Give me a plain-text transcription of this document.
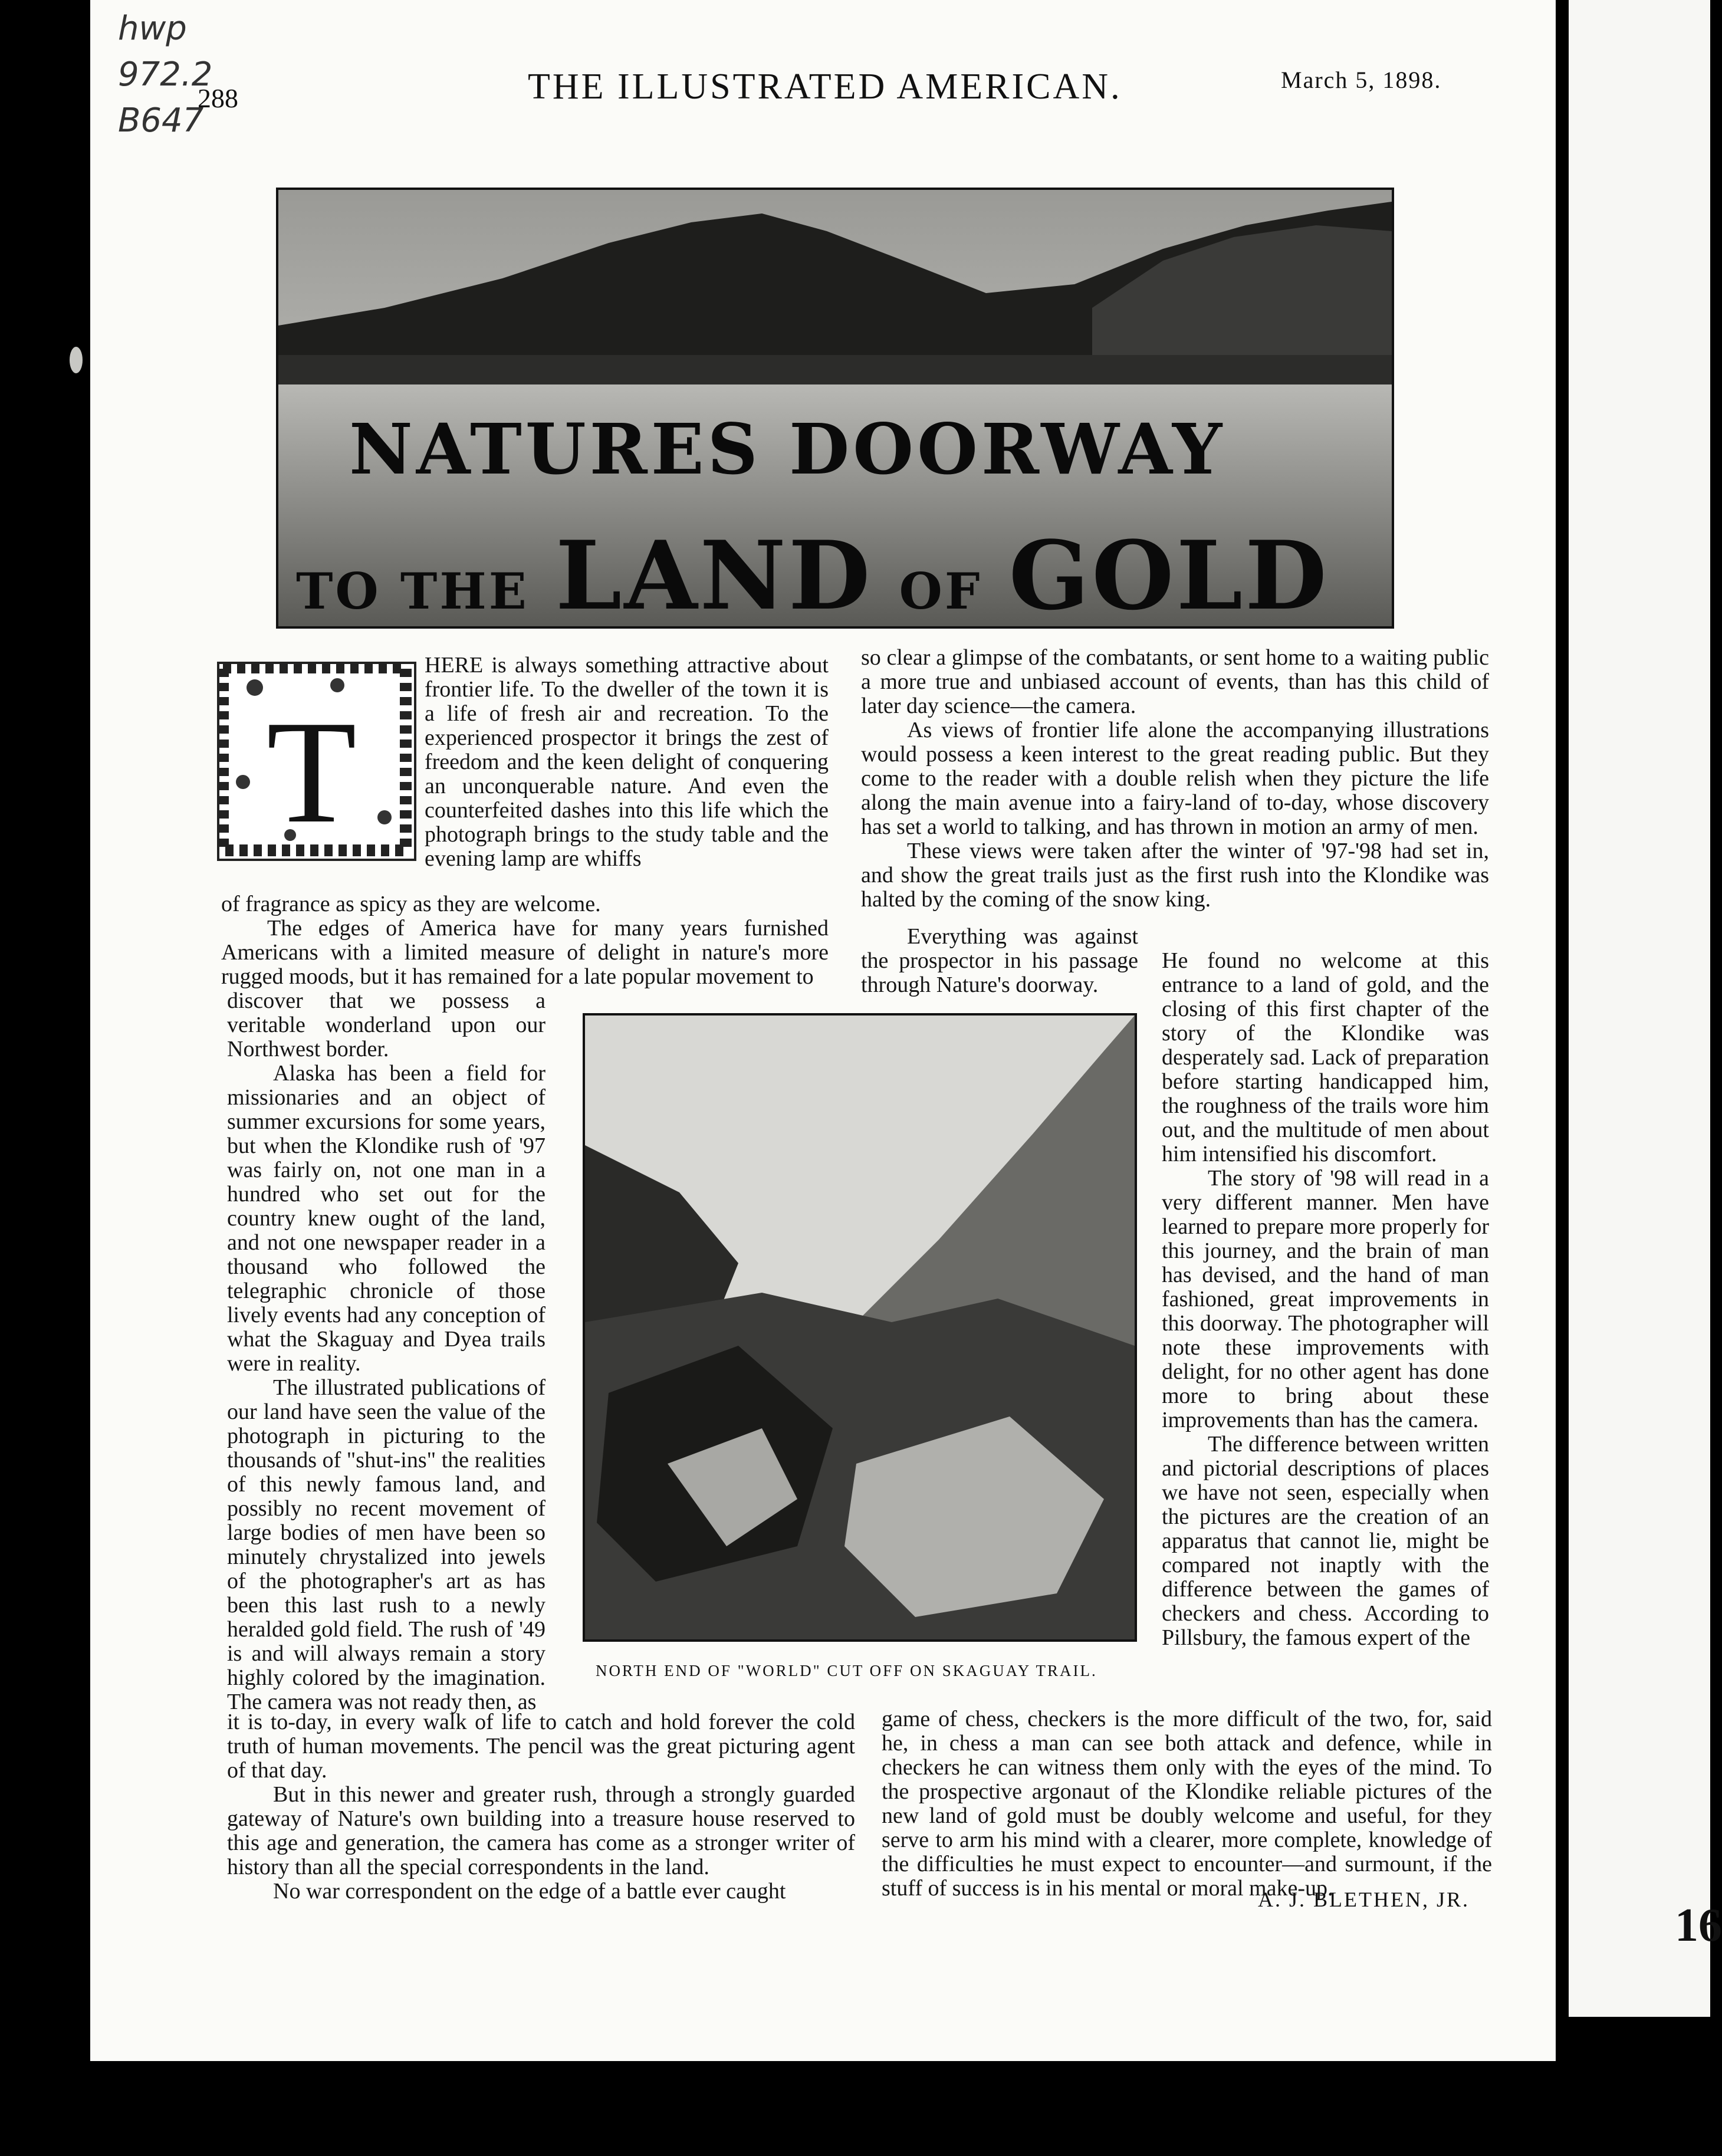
16
hwp
972.2
B647
288	THE ILLUSTRATED AMERICAN.	March 5, 1898.
NATURES DOORWAY
TO THE LAND OF GOLD
T

HERE is always something attractive about frontier life. To the dweller of the town it is a life of fresh air and recreation. To the experienced prospector it brings the zest of freedom and the keen delight of conquering an unconquerable nature. And even the counterfeited dashes into this life which the photograph brings to the study table and the evening lamp are whiffs

of fragrance as spicy as they are welcome.

The edges of America have for many years furnished Americans with a limited measure of delight in nature's more rugged moods, but it has remained for a late popular movement to

discover that we possess a veritable wonderland upon our Northwest border.

Alaska has been a field for missionaries and an object of summer excursions for some years, but when the Klondike rush of '97 was fairly on, not one man in a hundred who set out for the country knew ought of the land, and not one newspaper reader in a thousand who followed the telegraphic chronicle of those lively events had any conception of what the Skaguay and Dyea trails were in reality.

The illustrated publications of our land have seen the value of the photograph in picturing to the thousands of "shut-ins" the realities of this newly famous land, and possibly no recent movement of large bodies of men have been so minutely chrystalized into jewels of the photographer's art as has been this last rush to a newly heralded gold field. The rush of '49 is and will always remain a story highly colored by the imagination. The camera was not ready then, as

it is to-day, in every walk of life to catch and hold forever the cold truth of human movements. The pencil was the great picturing agent of that day.

But in this newer and greater rush, through a strongly guarded gateway of Nature's own building into a treasure house reserved to this age and generation, the camera has come as a stronger writer of history than all the special correspondents in the land.

No war correspondent on the edge of a battle ever caught

so clear a glimpse of the combatants, or sent home to a waiting public a more true and unbiased account of events, than has this child of later day science—the camera.

As views of frontier life alone the accompanying illustrations would possess a keen interest to the great reading public. But they come to the reader with a double relish when they picture the life along the main avenue into a fairy-land of to-day, whose discovery has set a world to talking, and has thrown in motion an army of men.

These views were taken after the winter of '97-'98 had set in, and show the great trails just as the first rush into the Klondike was halted by the coming of the snow king.

Everything was against the prospector in his passage through Nature's doorway.

He found no welcome at this entrance to a land of gold, and the closing of this first chapter of the story of the Klondike was desperately sad. Lack of preparation before starting handicapped him, the roughness of the trails wore him out, and the multitude of men about him intensified his discomfort.

The story of '98 will read in a very different manner. Men have learned to prepare more properly for this journey, and the brain of man has devised, and the hand of man fashioned, great improvements in this doorway. The photographer will note these improvements with delight, for no other agent has done more to bring about these improvements than has the camera.

The difference between written and pictorial descriptions of places we have not seen, especially when the pictures are the creation of an apparatus that cannot lie, might be compared not inaptly with the difference between the games of checkers and chess. According to Pillsbury, the famous expert of the

game of chess, checkers is the more difficult of the two, for, said he, in chess a man can see both attack and defence, while in checkers he can witness them only with the eyes of the mind. To the prospective argonaut of the Klondike reliable pictures of the new land of gold must be doubly welcome and useful, for they serve to arm his mind with a clearer, more complete, knowledge of the difficulties he must expect to encounter—and surmount, if the stuff of success is in his mental or moral make-up.

NORTH END OF "WORLD" CUT OFF ON SKAGUAY TRAIL.
A. J. BLETHEN, JR.
